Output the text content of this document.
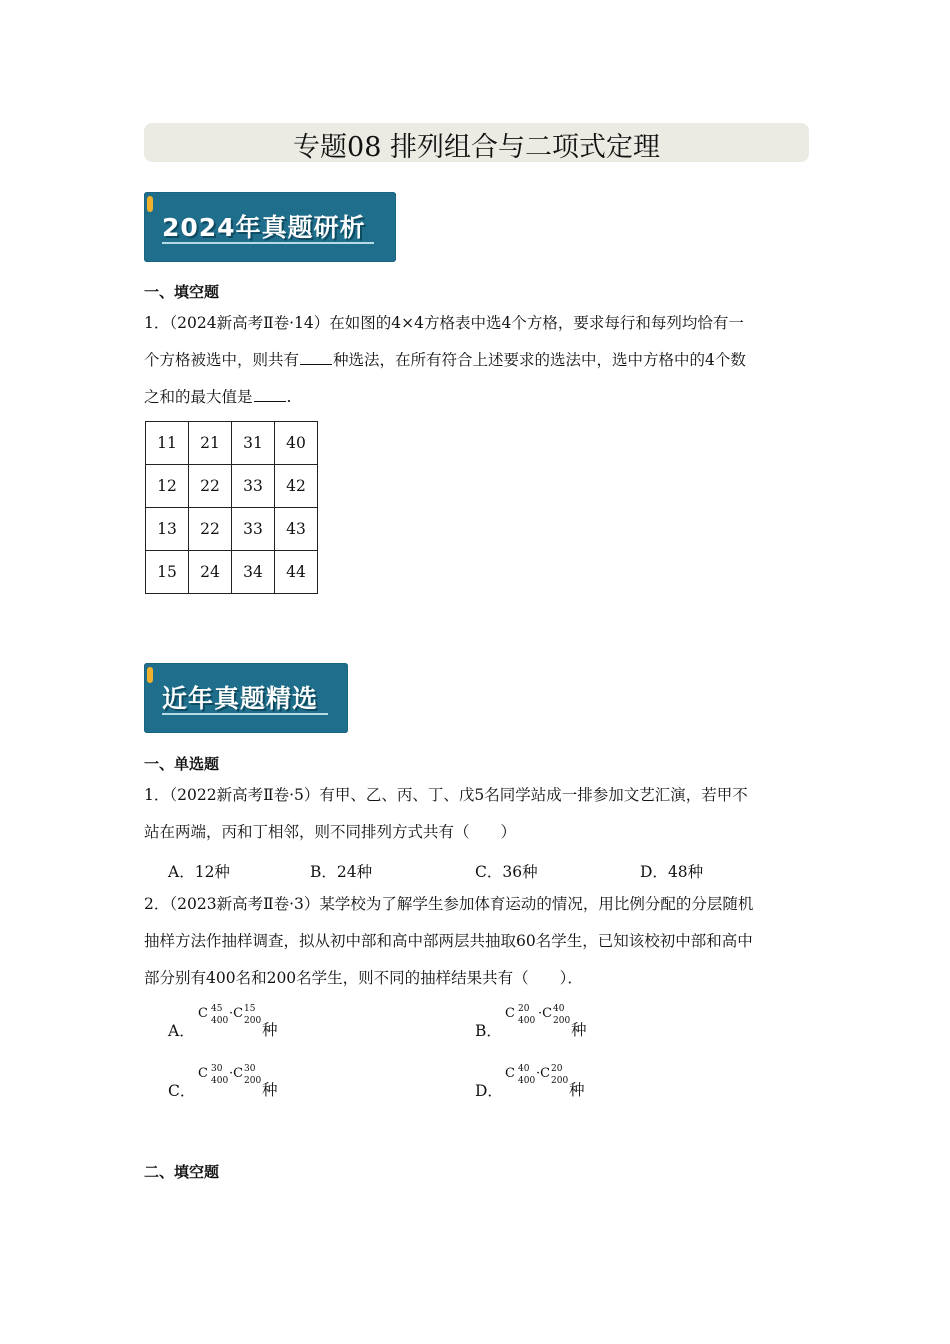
专题08 排列组合与二项式定理
2024年真题研析
一、填空题
1．（2024新高考Ⅱ卷·14）在如图的4×4方格表中选4个方格，要求每行和每列均恰有一
个方格被选中，则共有 种选法，在所有符合上述要求的选法中，选中方格中的4个数
之和的最大值是 .
11	21	31	40
12	22	33	42
13	22	33	43
15	24	34	44
近年真题精选
一、单选题
1．（2022新高考Ⅱ卷·5）有甲、乙、丙、丁、戊5名同学站成一排参加文艺汇演，若甲不
站在两端，丙和丁相邻，则不同排列方式共有（　　）
A．12种	B．24种	C．36种	D．48种
2．（2023新高考Ⅱ卷·3）某学校为了解学生参加体育运动的情况，用比例分配的分层随机
抽样方法作抽样调查，拟从初中部和高中部两层共抽取60名学生，已知该校初中部和高中
部分别有400名和200名学生，则不同的抽样结果共有（　　）．
A．
C 45
400 ·C 15
200 种	B．
C 20
400 ·C 40
200 种
C．
C 30
400 ·C 30
200 种	D．
C 40
400 ·C 20
200 种
二、填空题
